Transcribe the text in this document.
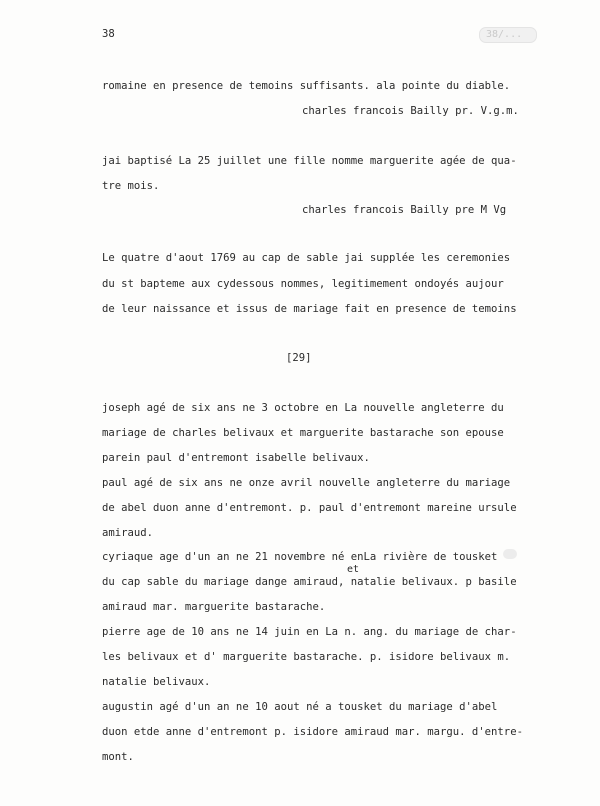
38	38/...
romaine en presence de temoins suffisants. ala pointe du diable.
charles francois Bailly pr. V.g.m.
jai baptisé La 25 juillet une fille nomme marguerite agée de qua-
tre mois.
charles francois Bailly pre M Vg
Le quatre d'aout 1769 au cap de sable jai supplée les ceremonies
du st bapteme aux cydessous nommes, legitimement ondoyés aujour
de leur naissance et issus de mariage fait en presence de temoins
[29]
joseph agé de six ans ne 3 octobre en La nouvelle angleterre du
mariage de charles belivaux et marguerite bastarache son epouse
parein paul d'entremont isabelle belivaux.
paul agé de six ans ne onze avril nouvelle angleterre du mariage
de abel duon anne d'entremont. p. paul d'entremont mareine ursule
amiraud.
cyriaque age d'un an ne 21 novembre né enLa rivière de tousket
et
du cap sable du mariage dange amiraud, natalie belivaux. p basile
amiraud mar. marguerite bastarache.
pierre age de 10 ans ne 14 juin en La n. ang. du mariage de char-
les belivaux et d' marguerite bastarache. p. isidore belivaux m.
natalie belivaux.
augustin agé d'un an ne 10 aout né a tousket du mariage d'abel
duon etde anne d'entremont p. isidore amiraud mar. margu. d'entre-
mont.
